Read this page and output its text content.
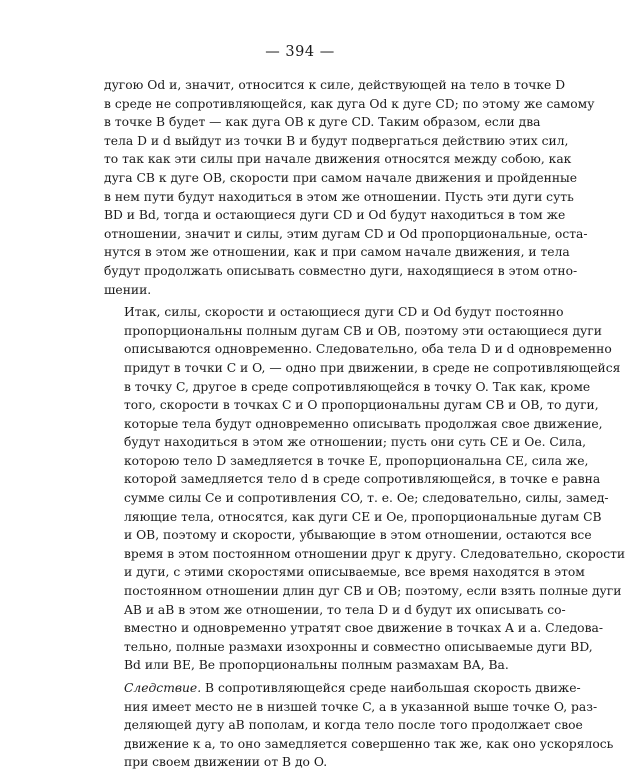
— 394 —

дугою Od и, значит, относится к силе, действующей на тело в точке D
в среде не сопротивляющейся, как дуга Od к дуге CD; по этому же самому
в точке B будет — как дуга OB к дуге CD. Таким образом, если два
тела D и d выйдут из точки B и будут подвергаться действию этих сил,
то так как эти силы при начале движения относятся между собою, как
дуга CB к дуге OB, скорости при самом начале движения и пройденные
в нем пути будут находиться в этом же отношении. Пусть эти дуги суть
BD и Bd, тогда и остающиеся дуги CD и Od будут находиться в том же
отношении, значит и силы, этим дугам CD и Od пропорциональные, оста-
нутся в этом же отношении, как и при самом начале движения, и тела
будут продолжать описывать совместно дуги, находящиеся в этом отно-
шении.

Итак, силы, скорости и остающиеся дуги CD и Od будут постоянно
пропорциональны полным дугам CB и OB, поэтому эти остающиеся дуги
описываются одновременно. Следовательно, оба тела D и d одновременно
придут в точки C и O, — одно при движении, в среде не сопротивляющейся
в точку C, другое в среде сопротивляющейся в точку O. Так как, кроме
того, скорости в точках C и O пропорциональны дугам CB и OB, то дуги,
которые тела будут одновременно описывать продолжая свое движение,
будут находиться в этом же отношении; пусть они суть CE и Oe. Сила,
которою тело D замедляется в точке E, пропорциональна CE, сила же,
которой замедляется тело d в среде сопротивляющейся, в точке e равна
сумме силы Ce и сопротивления CO, т. е. Oe; следовательно, силы, замед-
ляющие тела, относятся, как дуги CE и Oe, пропорциональные дугам CB
и OB, поэтому и скорости, убывающие в этом отношении, остаются все
время в этом постоянном отношении друг к другу. Следовательно, скорости
и дуги, с этими скоростями описываемые, все время находятся в этом
постоянном отношении длин дуг CB и OB; поэтому, если взять полные дуги
AB и aB в этом же отношении, то тела D и d будут их описывать со-
вместно и одновременно утратят свое движение в точках A и a. Следова-
тельно, полные размахи изохронны и совместно описываемые дуги BD,
Bd или BE, Be пропорциональны полным размахам BA, Ba.

Следствие. В сопротивляющейся среде наибольшая скорость движе-
ния имеет место не в низшей точке C, а в указанной выше точке O, раз-
деляющей дугу aB пополам, и когда тело после того продолжает свое
движение к a, то оно замедляется совершенно так же, как оно ускорялось
при своем движении от B до O.
